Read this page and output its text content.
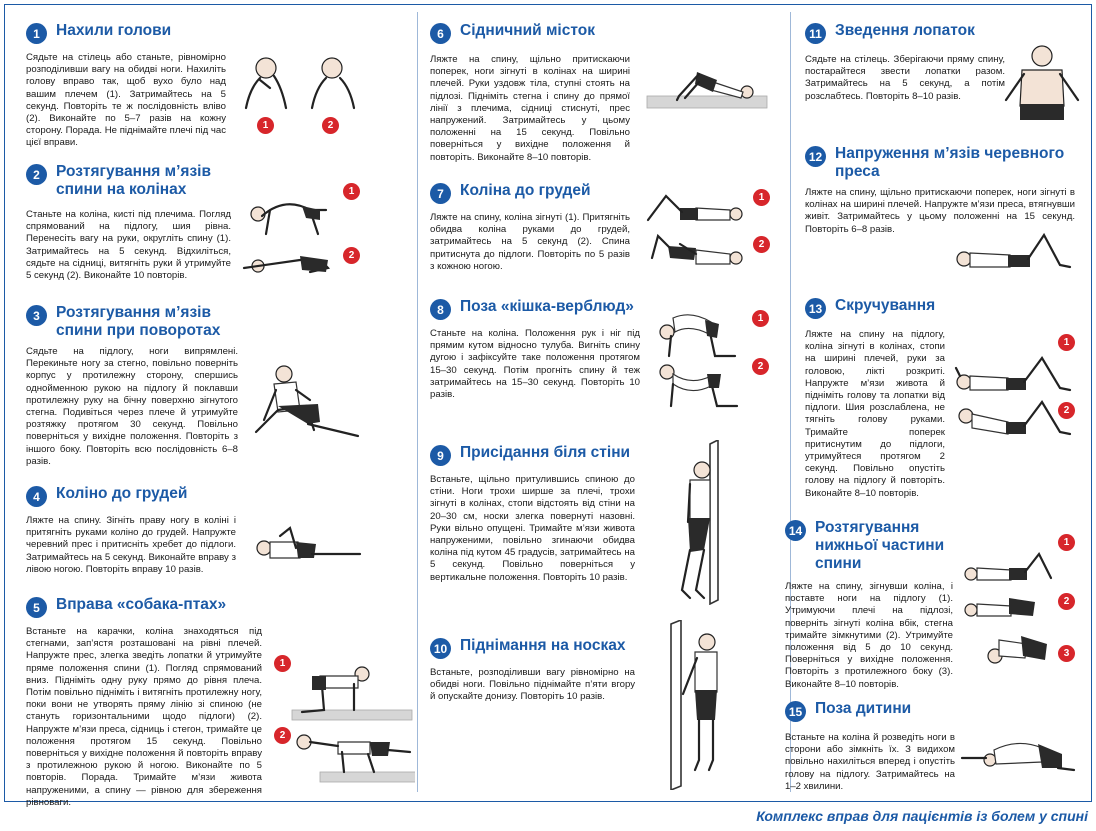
1	Нахили голови
Сядьте на стілець або станьте, рівномірно розподіливши вагу на обидві ноги. Нахиліть голову вправо так, щоб вухо було над вашим плечем (1). Затримайтесь на 5 секунд. Повторіть те ж послідовність вліво (2). Виконайте по 5–7 разів на кожну сторону. Порада. Не піднімайте плечі під час цієї вправи.
1	2
2	Розтягування м’язів спини на колінах
Станьте на коліна, кисті під плечима. Погляд спрямований на підлогу, шия рівна. Перенесіть вагу на руки, округліть спину (1). Затримайтесь на 5 секунд. Відхиліться, сядьте на сідниці, витягніть руки й утримуйте 5 секунд (2). Виконайте 10 повторів.
1
2
3	Розтягування м’язів спини при поворотах
Сядьте на підлогу, ноги випрямлені. Перекиньте ногу за стегно, повільно поверніть корпус у протилежну сторону, спершись однойменною рукою на підлогу й поклавши протилежну руку на бічну поверхню зігнутого стегна. Подивіться через плече й утримуйте розтяжку протягом 30 секунд. Повільно поверніться у вихідне положення. Повторіть з іншого боку. Повторіть всю послідовність 6–8 разів.
4	Коліно до грудей
Ляжте на спину. Зігніть праву ногу в коліні і притягніть руками коліно до грудей. Напружте черевний прес і притисніть хребет до підлоги. Затримайтесь на 5 секунд. Виконайте вправу з лівою ногою. Повторіть вправу 10 разів.
5	Вправа «собака-птах»
Встаньте на карачки, коліна знаходяться під стегнами, зап’ястя розташовані на рівні плечей. Напружте прес, злегка зведіть лопатки й утримуйте пряме положення спини (1). Погляд спрямований вниз. Підніміть одну руку прямо до рівня плеча. Потім повільно підніміть і витягніть протилежну ногу, поки вони не утворять пряму лінію зі спиною (не стануть горизонтальними щодо підлоги) (2). Напружте м’язи преса, сідниць і стегон, тримайте це положення протягом 15 секунд. Повільно поверніться у вихідне положення й повторіть вправу з протилежною рукою й ногою. Виконайте по 5 повторів. Порада. Тримайте м’язи живота напруженими, а спину — рівною для збереження рівноваги.
1
2
6	Сідничний місток
Ляжте на спину, щільно притискаючи поперек, ноги зігнуті в колінах на ширині плечей. Руки уздовж тіла, ступні стоять на підлозі. Підніміть стегна і спину до прямої лінії з плечима, сідниці стиснуті, прес напружений. Затримайтесь у цьому положенні на 15 секунд. Повільно поверніться у вихідне положення й повторіть. Виконайте 8–10 повторів.
7	Коліна до грудей
Ляжте на спину, коліна зігнуті (1). Притягніть обидва коліна руками до грудей, затримайтесь на 5 секунд (2). Спина притиснута до підлоги. Повторіть по 5 разів з кожною ногою.
1
2
8	Поза «кішка-верблюд»
Станьте на коліна. Положення рук і ніг під прямим кутом відносно тулуба. Вигніть спину дугою і зафіксуйте таке положення протягом 15–30 секунд. Потім прогніть спину й теж затримайтесь на 15–30 секунд. Повторіть 10 разів.
1
2
9	Присідання біля стіни
Встаньте, щільно притулившись спиною до стіни. Ноги трохи ширше за плечі, трохи зігнуті в колінах, стопи відстоять від стіни на 20–30 см, носки злегка повернуті назовні. Руки вільно опущені. Тримайте м’язи живота напруженими, повільно згинаючи обидва коліна під кутом 45 градусів, затримайтесь на 5 секунд. Повільно поверніться у вертикальне положення. Повторіть 10 разів.
10 Піднімання на носках
Встаньте, розподіливши вагу рівномірно на обидві ноги. Повільно піднімайте п’яти вгору й опускайте донизу. Повторіть 10 разів.
11 Зведення лопаток
Сядьте на стілець. Зберігаючи пряму спину, постарайтеся звести лопатки разом. Затримайтесь на 5 секунд, а потім розслабтесь. Повторіть 8–10 разів.
12 Напруження м’язів черевного преса
Ляжте на спину, щільно притискаючи поперек, ноги зігнуті в колінах на ширині плечей. Напружте м’язи преса, втягнувши живіт. Затримайтесь у цьому положенні на 15 секунд. Повторіть 6–8 разів.
13 Скручування
Ляжте на спину на підлогу, коліна зігнуті в колінах, стопи на ширині плечей, руки за головою, лікті розкриті. Напружте м’язи живота й підніміть голову та лопатки від підлоги. Шия розслаблена, не тягніть голову руками. Тримайте поперек притиснутим до підлоги, утримуйтеся протягом 2 секунд. Повільно опустіть голову на підлогу й повторіть. Виконайте 8–10 повторів.
1
2
14 Розтягування нижньої частини спини
Ляжте на спину, зігнувши коліна, і поставте ноги на підлогу (1). Утримуючи плечі на підлозі, поверніть зігнуті коліна вбік, стегна тримайте зімкнутими (2). Утримуйте положення від 5 до 10 секунд. Поверніться у вихідне положення. Повторіть з протилежного боку (3). Виконайте 8–10 повторів.
1
2
3
15 Поза дитини
Встаньте на коліна й розведіть ноги в сторони або зімкніть їх. З видихом повільно нахиліться вперед і опустіть голову на підлогу. Затримайтесь на 1–2 хвилини.
Комплекс вправ для пацієнтів із болем у спині
